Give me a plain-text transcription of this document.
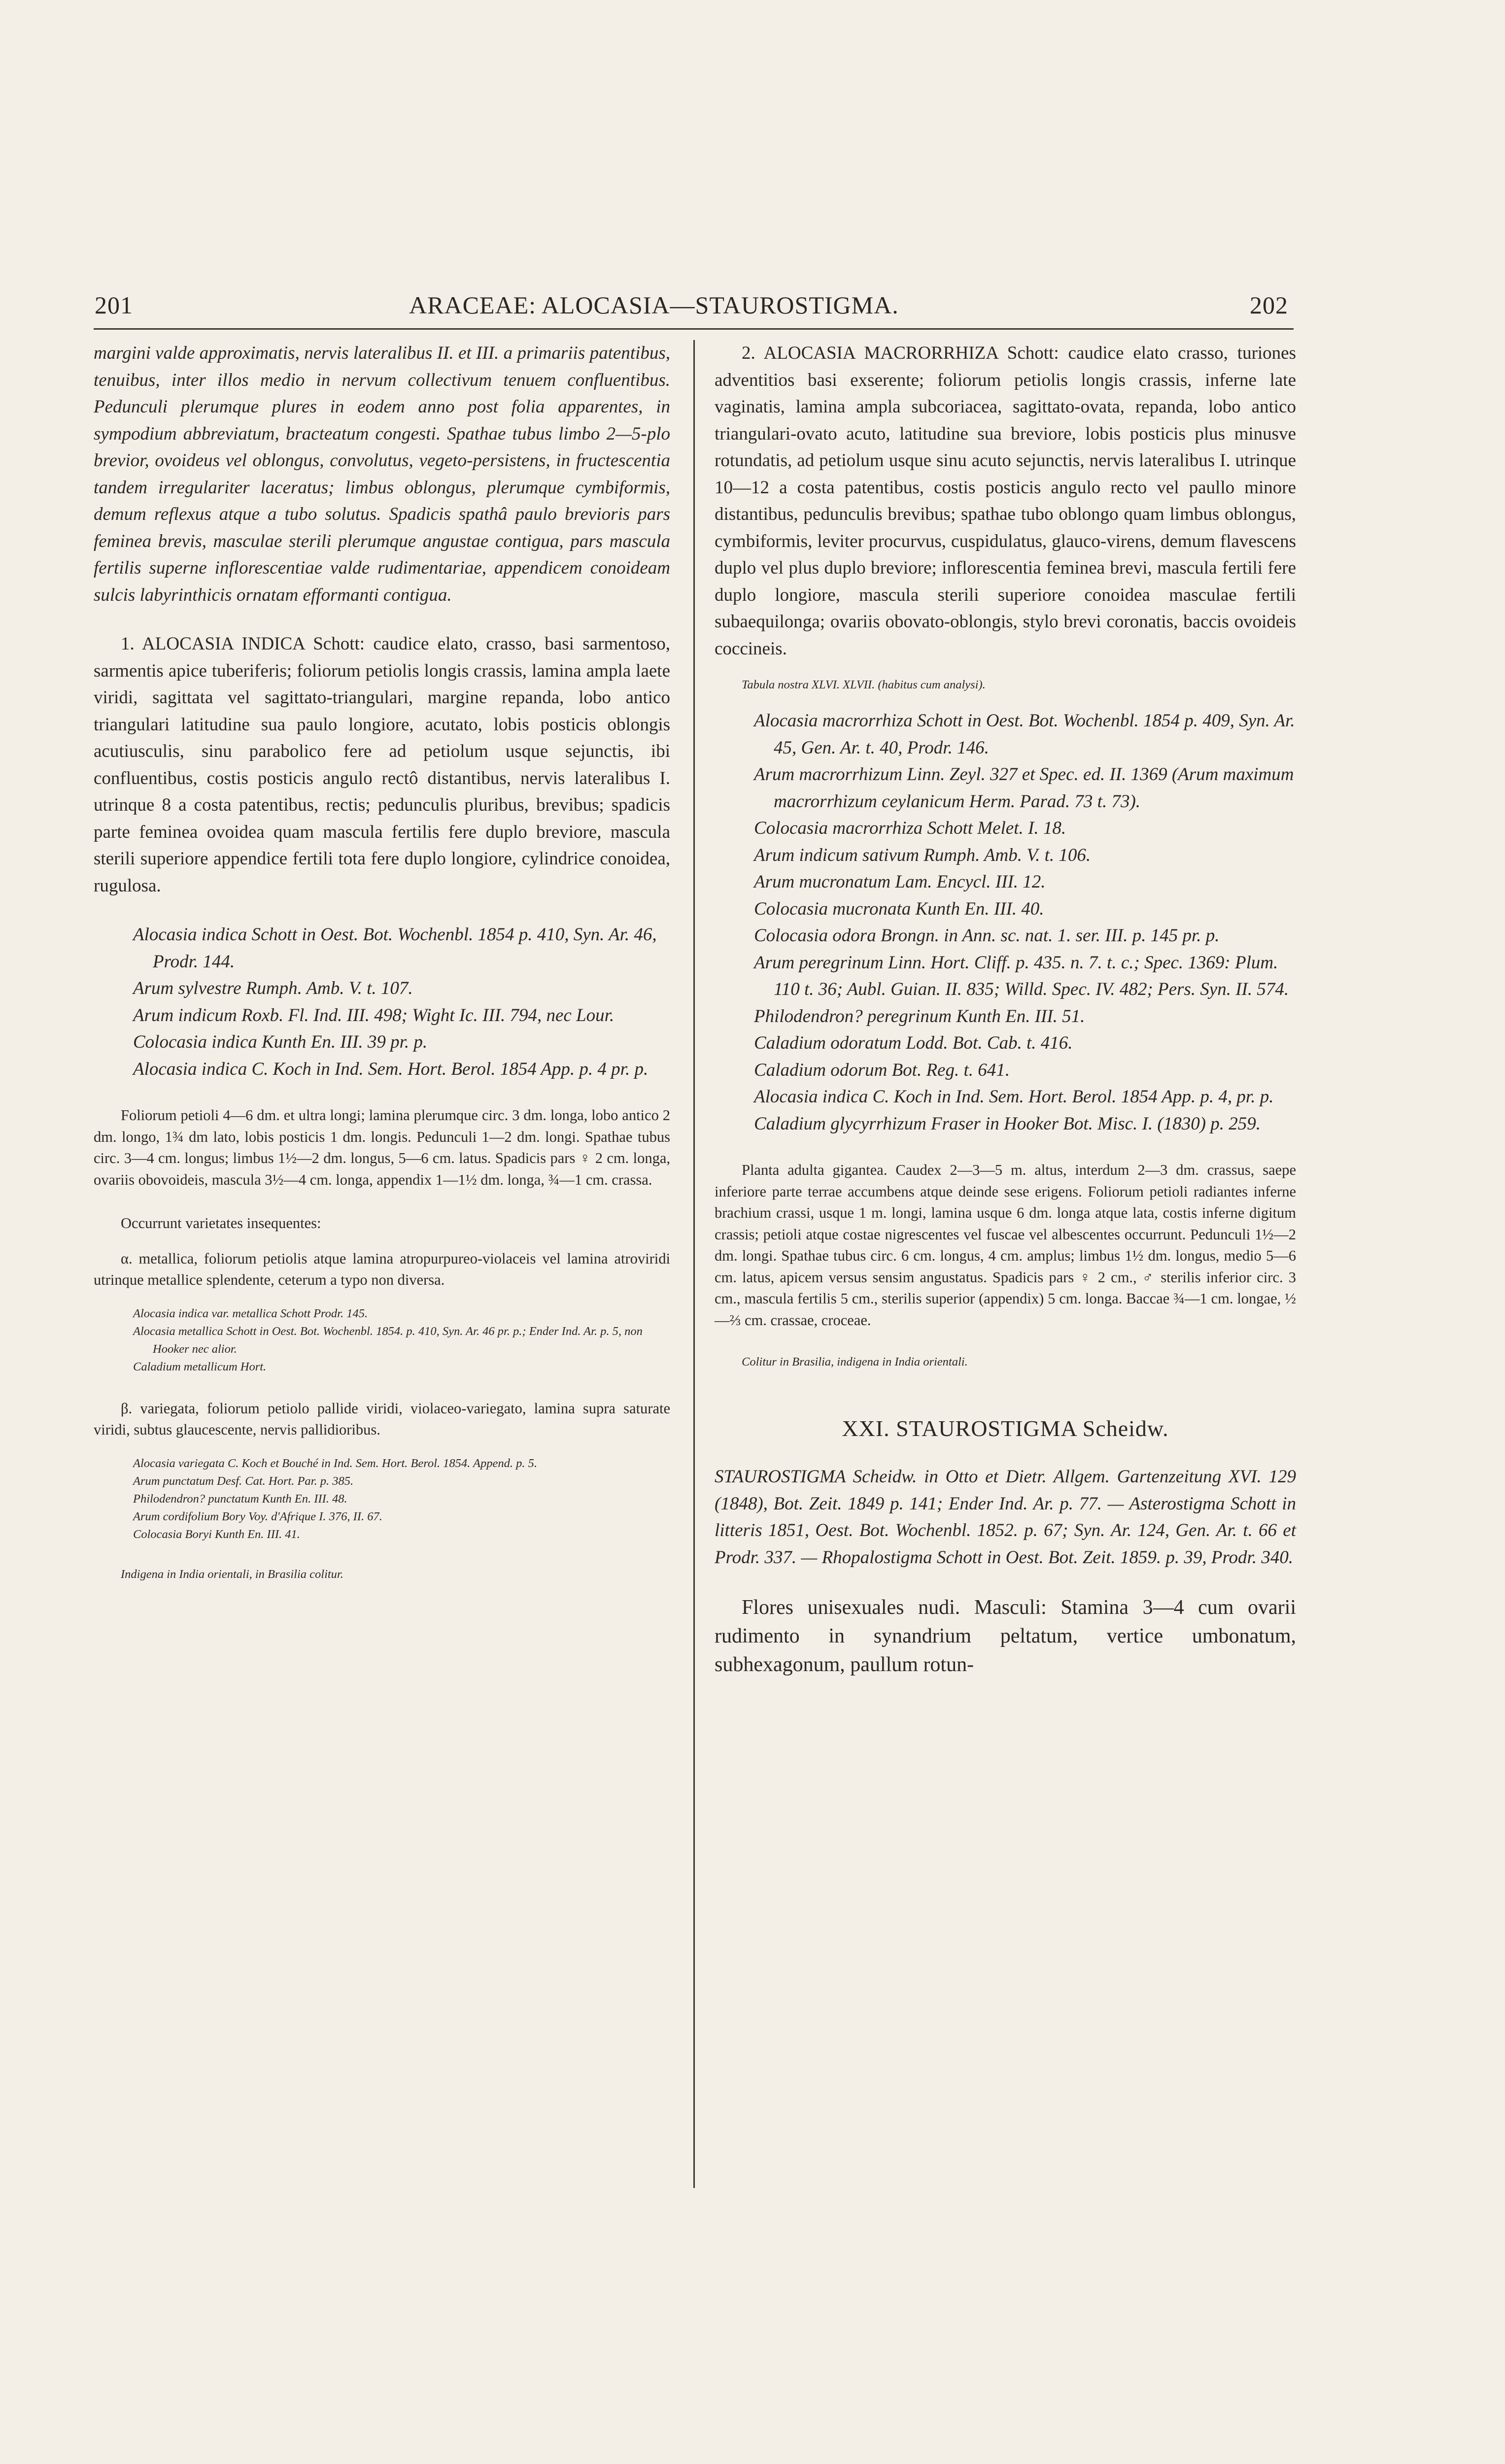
201	ARACEAE: ALOCASIA—STAUROSTIGMA.	202

margini valde approximatis, nervis lateralibus II. et III. a primariis patentibus, tenuibus, inter illos medio in nervum collectivum tenuem confluentibus. Pedunculi plerumque plures in eodem anno post folia apparentes, in sympodium abbreviatum, bracteatum congesti. Spathae tubus limbo 2—5-plo brevior, ovoideus vel oblongus, convolutus, vegeto-persistens, in fructescentia tandem irregulariter laceratus; limbus oblongus, plerumque cymbiformis, demum reflexus atque a tubo solutus. Spadicis spathâ paulo brevioris pars feminea brevis, masculae sterili plerumque angustae contigua, pars mascula fertilis superne inflorescentiae valde rudimentariae, appendicem conoideam sulcis labyrinthicis ornatam efformanti contigua.

1. ALOCASIA INDICA Schott: caudice elato, crasso, basi sarmentoso, sarmentis apice tuberiferis; foliorum petiolis longis crassis, lamina ampla laete viridi, sagittata vel sagittato-triangulari, margine repanda, lobo antico triangulari latitudine sua paulo longiore, acutato, lobis posticis oblongis acutiusculis, sinu parabolico fere ad petiolum usque sejunctis, ibi confluentibus, costis posticis angulo rectô distantibus, nervis lateralibus I. utrinque 8 a costa patentibus, rectis; pedunculis pluribus, brevibus; spadicis parte feminea ovoidea quam mascula fertilis fere duplo breviore, mascula sterili superiore appendice fertili tota fere duplo longiore, cylindrice conoidea, rugulosa.

Alocasia indica Schott in Oest. Bot. Wochenbl. 1854 p. 410, Syn. Ar. 46, Prodr. 144.

Arum sylvestre Rumph. Amb. V. t. 107.

Arum indicum Roxb. Fl. Ind. III. 498; Wight Ic. III. 794, nec Lour.

Colocasia indica Kunth En. III. 39 pr. p.

Alocasia indica C. Koch in Ind. Sem. Hort. Berol. 1854 App. p. 4 pr. p.

Foliorum petioli 4—6 dm. et ultra longi; lamina plerumque circ. 3 dm. longa, lobo antico 2 dm. longo, 1¾ dm lato, lobis posticis 1 dm. longis. Pedunculi 1—2 dm. longi. Spathae tubus circ. 3—4 cm. longus; limbus 1½—2 dm. longus, 5—6 cm. latus. Spadicis pars ♀ 2 cm. longa, ovariis obovoideis, mascula 3½—4 cm. longa, appendix 1—1½ dm. longa, ¾—1 cm. crassa.

Occurrunt varietates insequentes:

α. metallica, foliorum petiolis atque lamina atropurpureo-violaceis vel lamina atroviridi utrinque metallice splendente, ceterum a typo non diversa.

Alocasia indica var. metallica Schott Prodr. 145.

Alocasia metallica Schott in Oest. Bot. Wochenbl. 1854. p. 410, Syn. Ar. 46 pr. p.; Ender Ind. Ar. p. 5, non Hooker nec alior.

Caladium metallicum Hort.

β. variegata, foliorum petiolo pallide viridi, violaceo-variegato, lamina supra saturate viridi, subtus glaucescente, nervis pallidioribus.

Alocasia variegata C. Koch et Bouché in Ind. Sem. Hort. Berol. 1854. Append. p. 5.

Arum punctatum Desf. Cat. Hort. Par. p. 385.

Philodendron? punctatum Kunth En. III. 48.

Arum cordifolium Bory Voy. d'Afrique I. 376, II. 67.

Colocasia Boryi Kunth En. III. 41.

Indigena in India orientali, in Brasilia colitur.

2. ALOCASIA MACRORRHIZA Schott: caudice elato crasso, turiones adventitios basi exserente; foliorum petiolis longis crassis, inferne late vaginatis, lamina ampla subcoriacea, sagittato-ovata, repanda, lobo antico triangulari-ovato acuto, latitudine sua breviore, lobis posticis plus minusve rotundatis, ad petiolum usque sinu acuto sejunctis, nervis lateralibus I. utrinque 10—12 a costa patentibus, costis posticis angulo recto vel paullo minore distantibus, pedunculis brevibus; spathae tubo oblongo quam limbus oblongus, cymbiformis, leviter procurvus, cuspidulatus, glauco-virens, demum flavescens duplo vel plus duplo breviore; inflorescentia feminea brevi, mascula fertili fere duplo longiore, mascula sterili superiore conoidea masculae fertili subaequilonga; ovariis obovato-oblongis, stylo brevi coronatis, baccis ovoideis coccineis.

Tabula nostra XLVI. XLVII. (habitus cum analysi).

Alocasia macrorrhiza Schott in Oest. Bot. Wochenbl. 1854 p. 409, Syn. Ar. 45, Gen. Ar. t. 40, Prodr. 146.

Arum macrorrhizum Linn. Zeyl. 327 et Spec. ed. II. 1369 (Arum maximum macrorrhizum ceylanicum Herm. Parad. 73 t. 73).

Colocasia macrorrhiza Schott Melet. I. 18.

Arum indicum sativum Rumph. Amb. V. t. 106.

Arum mucronatum Lam. Encycl. III. 12.

Colocasia mucronata Kunth En. III. 40.

Colocasia odora Brongn. in Ann. sc. nat. 1. ser. III. p. 145 pr. p.

Arum peregrinum Linn. Hort. Cliff. p. 435. n. 7. t. c.; Spec. 1369: Plum. 110 t. 36; Aubl. Guian. II. 835; Willd. Spec. IV. 482; Pers. Syn. II. 574.

Philodendron? peregrinum Kunth En. III. 51.

Caladium odoratum Lodd. Bot. Cab. t. 416.

Caladium odorum Bot. Reg. t. 641.

Alocasia indica C. Koch in Ind. Sem. Hort. Berol. 1854 App. p. 4, pr. p.

Caladium glycyrrhizum Fraser in Hooker Bot. Misc. I. (1830) p. 259.

Planta adulta gigantea. Caudex 2—3—5 m. altus, interdum 2—3 dm. crassus, saepe inferiore parte terrae accumbens atque deinde sese erigens. Foliorum petioli radiantes inferne brachium crassi, usque 1 m. longi, lamina usque 6 dm. longa atque lata, costis inferne digitum crassis; petioli atque costae nigrescentes vel fuscae vel albescentes occurrunt. Pedunculi 1½—2 dm. longi. Spathae tubus circ. 6 cm. longus, 4 cm. amplus; limbus 1½ dm. longus, medio 5—6 cm. latus, apicem versus sensim angustatus. Spadicis pars ♀ 2 cm., ♂ sterilis inferior circ. 3 cm., mascula fertilis 5 cm., sterilis superior (appendix) 5 cm. longa. Baccae ¾—1 cm. longae, ½—⅔ cm. crassae, croceae.

Colitur in Brasilia, indigena in India orientali.

XXI. STAUROSTIGMA Scheidw.

STAUROSTIGMA Scheidw. in Otto et Dietr. Allgem. Gartenzeitung XVI. 129 (1848), Bot. Zeit. 1849 p. 141; Ender Ind. Ar. p. 77. — Asterostigma Schott in litteris 1851, Oest. Bot. Wochenbl. 1852. p. 67; Syn. Ar. 124, Gen. Ar. t. 66 et Prodr. 337. — Rhopalostigma Schott in Oest. Bot. Zeit. 1859. p. 39, Prodr. 340.

Flores unisexuales nudi. Masculi: Stamina 3—4 cum ovarii rudimento in synandrium peltatum, vertice umbonatum, subhexagonum, paullum rotun-
